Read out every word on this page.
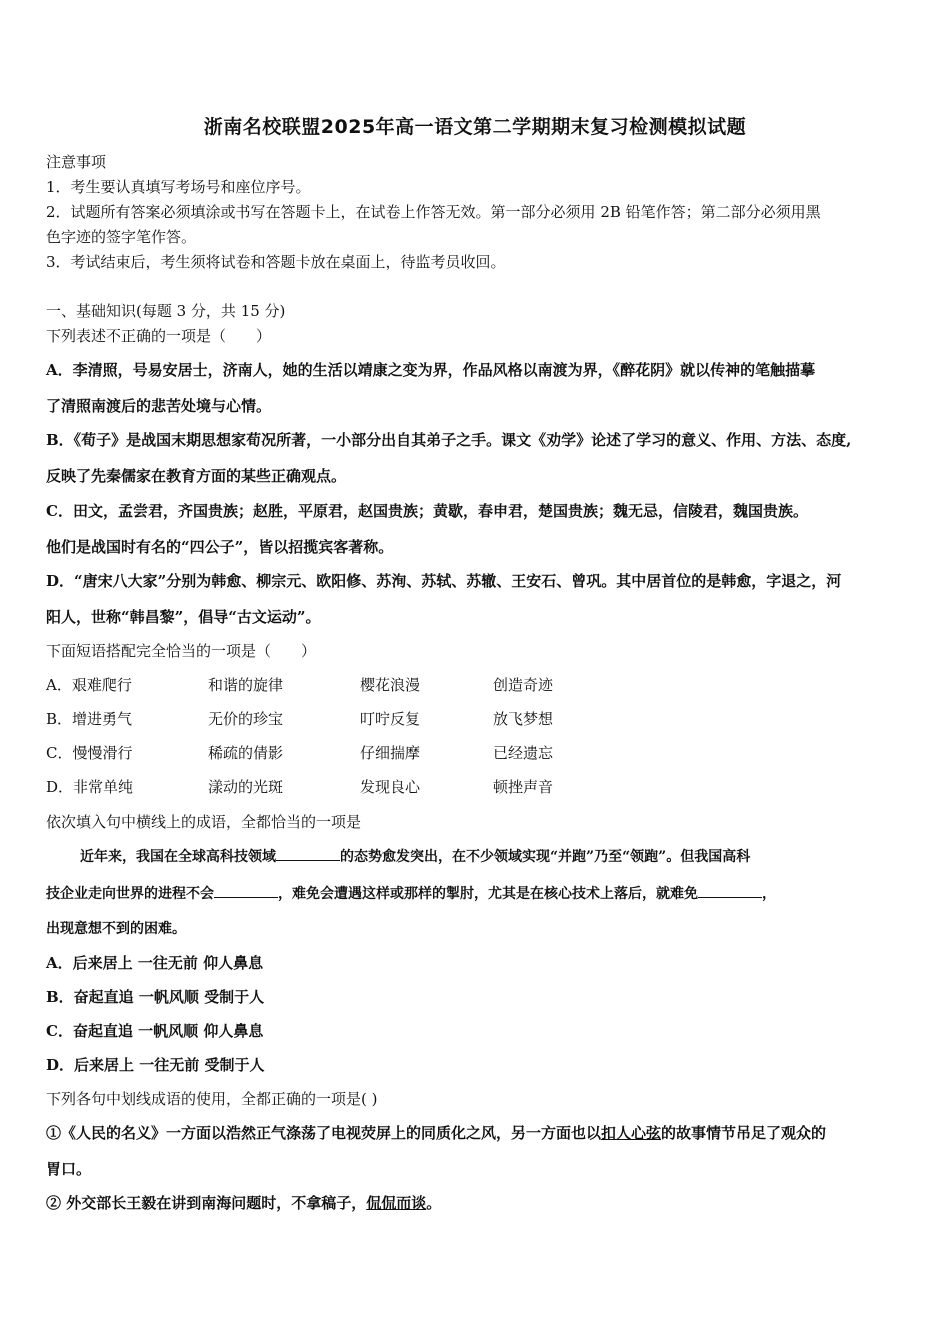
浙南名校联盟2025年高一语文第二学期期末复习检测模拟试题
注意事项
1．考生要认真填写考场号和座位序号。
2．试题所有答案必须填涂或书写在答题卡上，在试卷上作答无效。第一部分必须用 2B 铅笔作答；第二部分必须用黑
色字迹的签字笔作答。
3．考试结束后，考生须将试卷和答题卡放在桌面上，待监考员收回。
一、基础知识(每题 3 分，共 15 分)
下列表述不正确的一项是（　　）
A．李清照，号易安居士，济南人，她的生活以靖康之变为界，作品风格以南渡为界，《醉花阴》就以传神的笔触描摹
了清照南渡后的悲苦处境与心情。
B．《荀子》是战国末期思想家荀况所著，一小部分出自其弟子之手。课文《劝学》论述了学习的意义、作用、方法、态度,
反映了先秦儒家在教育方面的某些正确观点。
C．田文，孟尝君，齐国贵族；赵胜，平原君，赵国贵族；黄歇，春申君，楚国贵族；魏无忌，信陵君，魏国贵族。
他们是战国时有名的“四公子”，皆以招揽宾客著称。
D．“唐宋八大家”分别为韩愈、柳宗元、欧阳修、苏洵、苏轼、苏辙、王安石、曾巩。其中居首位的是韩愈，字退之，河
阳人，世称“韩昌黎”，倡导“古文运动”。
下面短语搭配完全恰当的一项是（　　）
A．艰难爬行	和谐的旋律	樱花浪漫	创造奇迹
B．增进勇气	无价的珍宝	叮咛反复	放飞梦想
C．慢慢滑行	稀疏的倩影	仔细揣摩	已经遗忘
D．非常单纯	漾动的光斑	发现良心	顿挫声音
依次填入句中横线上的成语，全都恰当的一项是
近年来，我国在全球高科技领域	的态势愈发突出，在不少领域实现“并跑”乃至“领跑”。但我国高科
技企业走向世界的进程不会	，难免会遭遇这样或那样的掣肘，尤其是在核心技术上落后，就难免	，
出现意想不到的困难。
A．后来居上 一往无前 仰人鼻息
B．奋起直追 一帆风顺 受制于人
C．奋起直追 一帆风顺 仰人鼻息
D．后来居上 一往无前 受制于人
下列各句中划线成语的使用，全都正确的一项是( )
①《人民的名义》一方面以浩然正气涤荡了电视荧屏上的同质化之风，另一方面也以扣人心弦的故事情节吊足了观众的
胃口。
② 外交部长王毅在讲到南海问题时，不拿稿子，侃侃而谈。
